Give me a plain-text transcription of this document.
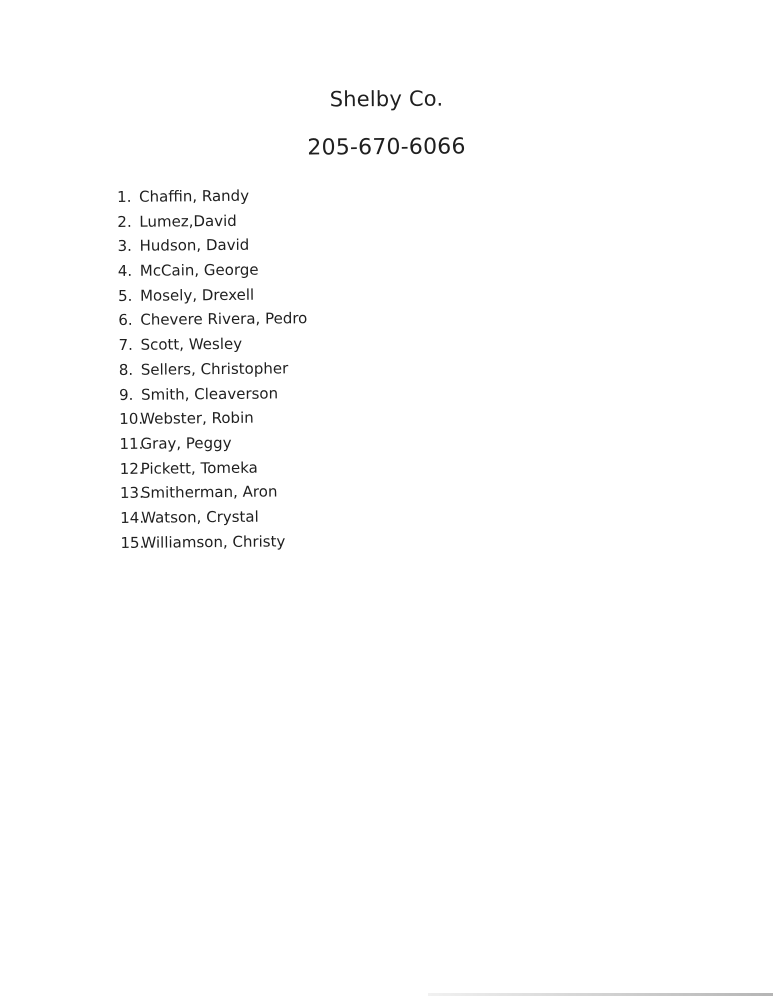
Shelby Co.
205-670-6066
1. Chaffin, Randy
2. Lumez,David
3. Hudson, David
4. McCain, George
5. Mosely, Drexell
6. Chevere Rivera, Pedro
7. Scott, Wesley
8. Sellers, Christopher
9. Smith, Cleaverson
10.Webster, Robin
11.Gray, Peggy
12.Pickett, Tomeka
13.Smitherman, Aron
14.Watson, Crystal
15.Williamson, Christy
